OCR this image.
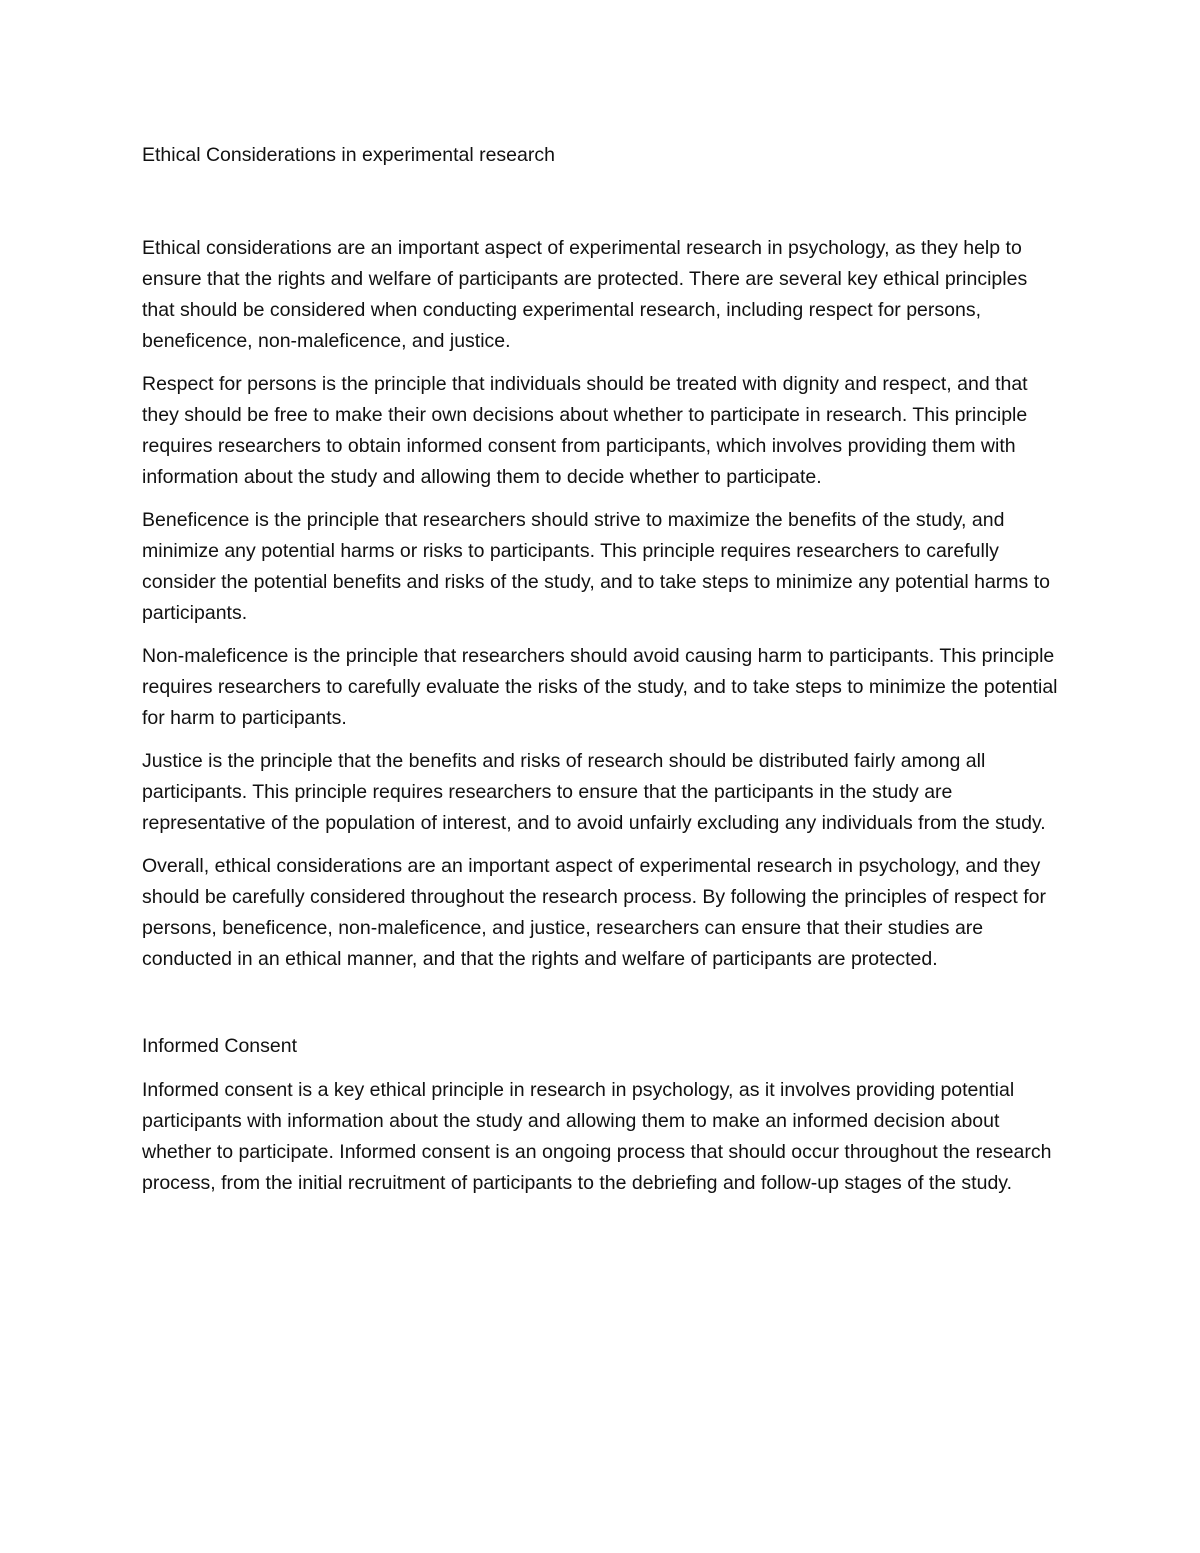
Ethical Considerations in experimental research

Ethical considerations are an important aspect of experimental research in psychology, as they help to ensure that the rights and welfare of participants are protected. There are several key ethical principles that should be considered when conducting experimental research, including respect for persons, beneficence, non-maleficence, and justice.

Respect for persons is the principle that individuals should be treated with dignity and respect, and that they should be free to make their own decisions about whether to participate in research. This principle requires researchers to obtain informed consent from participants, which involves providing them with information about the study and allowing them to decide whether to participate.

Beneficence is the principle that researchers should strive to maximize the benefits of the study, and minimize any potential harms or risks to participants. This principle requires researchers to carefully consider the potential benefits and risks of the study, and to take steps to minimize any potential harms to participants.

Non-maleficence is the principle that researchers should avoid causing harm to participants. This principle requires researchers to carefully evaluate the risks of the study, and to take steps to minimize the potential for harm to participants.

Justice is the principle that the benefits and risks of research should be distributed fairly among all participants. This principle requires researchers to ensure that the participants in the study are representative of the population of interest, and to avoid unfairly excluding any individuals from the study.

Overall, ethical considerations are an important aspect of experimental research in psychology, and they should be carefully considered throughout the research process. By following the principles of respect for persons, beneficence, non-maleficence, and justice, researchers can ensure that their studies are conducted in an ethical manner, and that the rights and welfare of participants are protected.

Informed Consent

Informed consent is a key ethical principle in research in psychology, as it involves providing potential participants with information about the study and allowing them to make an informed decision about whether to participate. Informed consent is an ongoing process that should occur throughout the research process, from the initial recruitment of participants to the debriefing and follow-up stages of the study.
